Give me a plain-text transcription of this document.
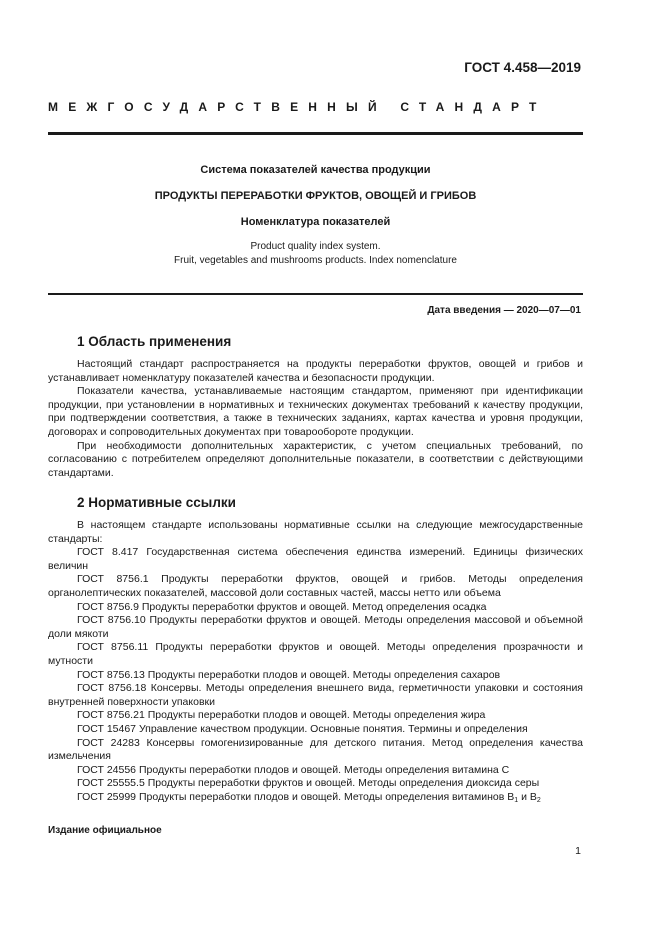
ГОСТ 4.458—2019
МЕЖГОСУДАРСТВЕННЫЙ СТАНДАРТ
Система показателей качества продукции
ПРОДУКТЫ ПЕРЕРАБОТКИ ФРУКТОВ, ОВОЩЕЙ И ГРИБОВ
Номенклатура показателей
Product quality index system.
Fruit, vegetables and mushrooms products. Index nomenclature
Дата введения — 2020—07—01
1 Область применения
Настоящий стандарт распространяется на продукты переработки фруктов, овощей и грибов и устанавливает номенклатуру показателей качества и безопасности продукции.
Показатели качества, устанавливаемые настоящим стандартом, применяют при идентификации продукции, при установлении в нормативных и технических документах требований к качеству продукции, при подтверждении соответствия, а также в технических заданиях, картах качества и уровня продукции, договорах и сопроводительных документах при товарообороте продукции.
При необходимости дополнительных характеристик, с учетом специальных требований, по согласованию с потребителем определяют дополнительные показатели, в соответствии с действующими стандартами.
2 Нормативные ссылки
В настоящем стандарте использованы нормативные ссылки на следующие межгосударственные стандарты:
ГОСТ 8.417 Государственная система обеспечения единства измерений. Единицы физических величин
ГОСТ 8756.1 Продукты переработки фруктов, овощей и грибов. Методы определения органолептических показателей, массовой доли составных частей, массы нетто или объема
ГОСТ 8756.9 Продукты переработки фруктов и овощей. Метод определения осадка
ГОСТ 8756.10 Продукты переработки фруктов и овощей. Методы определения массовой и объемной доли мякоти
ГОСТ 8756.11 Продукты переработки фруктов и овощей. Методы определения прозрачности и мутности
ГОСТ 8756.13 Продукты переработки плодов и овощей. Методы определения сахаров
ГОСТ 8756.18 Консервы. Методы определения внешнего вида, герметичности упаковки и состояния внутренней поверхности упаковки
ГОСТ 8756.21 Продукты переработки плодов и овощей. Методы определения жира
ГОСТ 15467 Управление качеством продукции. Основные понятия. Термины и определения
ГОСТ 24283 Консервы гомогенизированные для детского питания. Метод определения качества измельчения
ГОСТ 24556 Продукты переработки плодов и овощей. Методы определения витамина С
ГОСТ 25555.5 Продукты переработки фруктов и овощей. Методы определения диоксида серы
ГОСТ 25999 Продукты переработки плодов и овощей. Методы определения витаминов $В_1$ и $В_2$
Издание официальное
1
